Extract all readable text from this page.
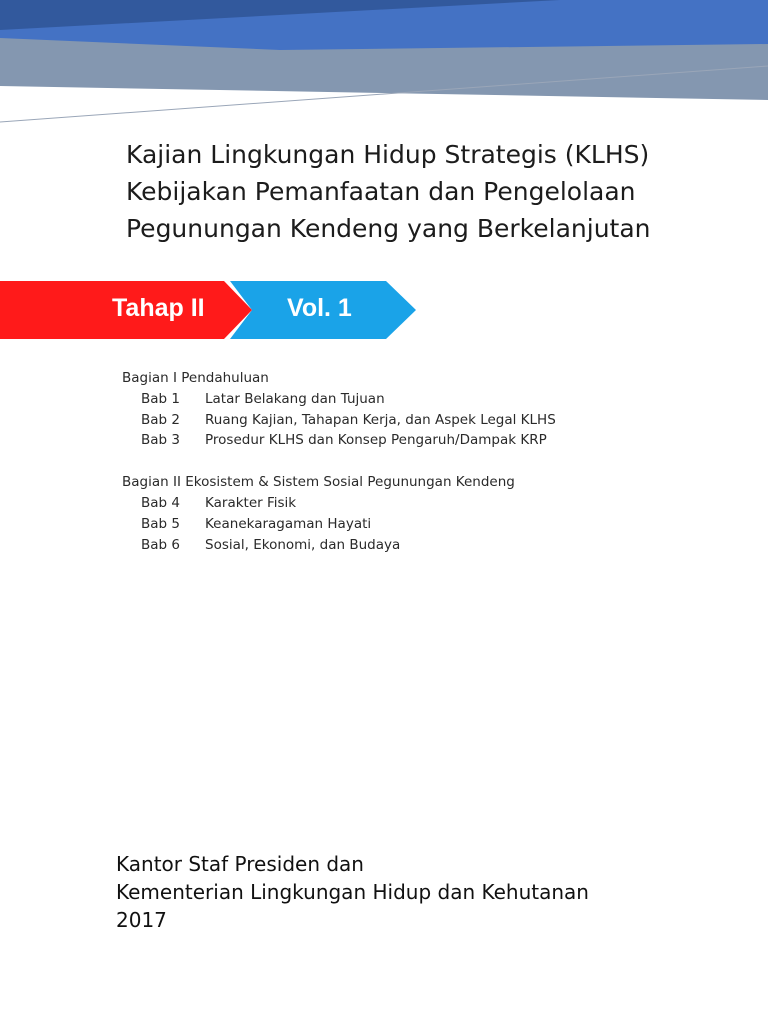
Kajian Lingkungan Hidup Strategis (KLHS)
Kebijakan Pemanfaatan dan Pengelolaan
Pegunungan Kendeng yang Berkelanjutan
Tahap II	Vol. 1
Bagian I Pendahuluan
Bab 1 Latar Belakang dan Tujuan
Bab 2 Ruang Kajian, Tahapan Kerja, dan Aspek Legal KLHS
Bab 3 Prosedur KLHS dan Konsep Pengaruh/Dampak KRP
Bagian II Ekosistem & Sistem Sosial Pegunungan Kendeng
Bab 4 Karakter Fisik
Bab 5 Keanekaragaman Hayati
Bab 6 Sosial, Ekonomi, dan Budaya
Kantor Staf Presiden dan
Kementerian Lingkungan Hidup dan Kehutanan
2017
